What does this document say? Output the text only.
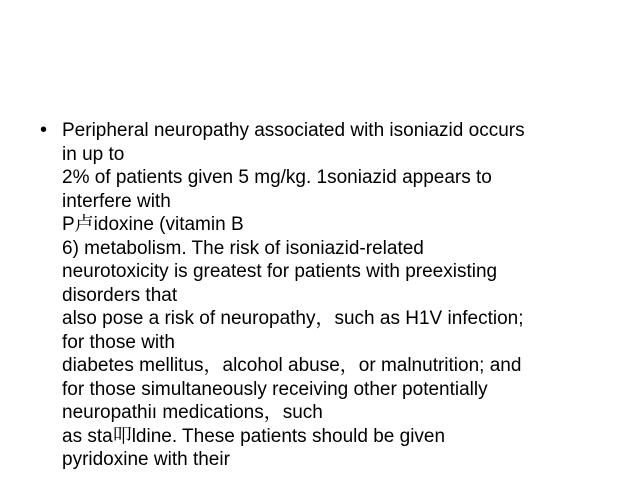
• Peripheral neuropathy associated with isoniazid occurs
in up to
2% of patients given 5 mg/kg. 1soniazid appears to
interfere with
P卢idoxine (vitamin B
6) metabolism. The risk of isoniazid-related
neurotoxicity is greatest for patients with preexisting
disorders that
also pose a risk of neuropathy，such as H1V infection;
for those with
diabetes mellitus，alcohol abuse，or malnutrition; and
for those simultaneously receiving other potentially
neuropathiı medications，such
as sta叩ldine. These patients should be given
pyridoxine with their
